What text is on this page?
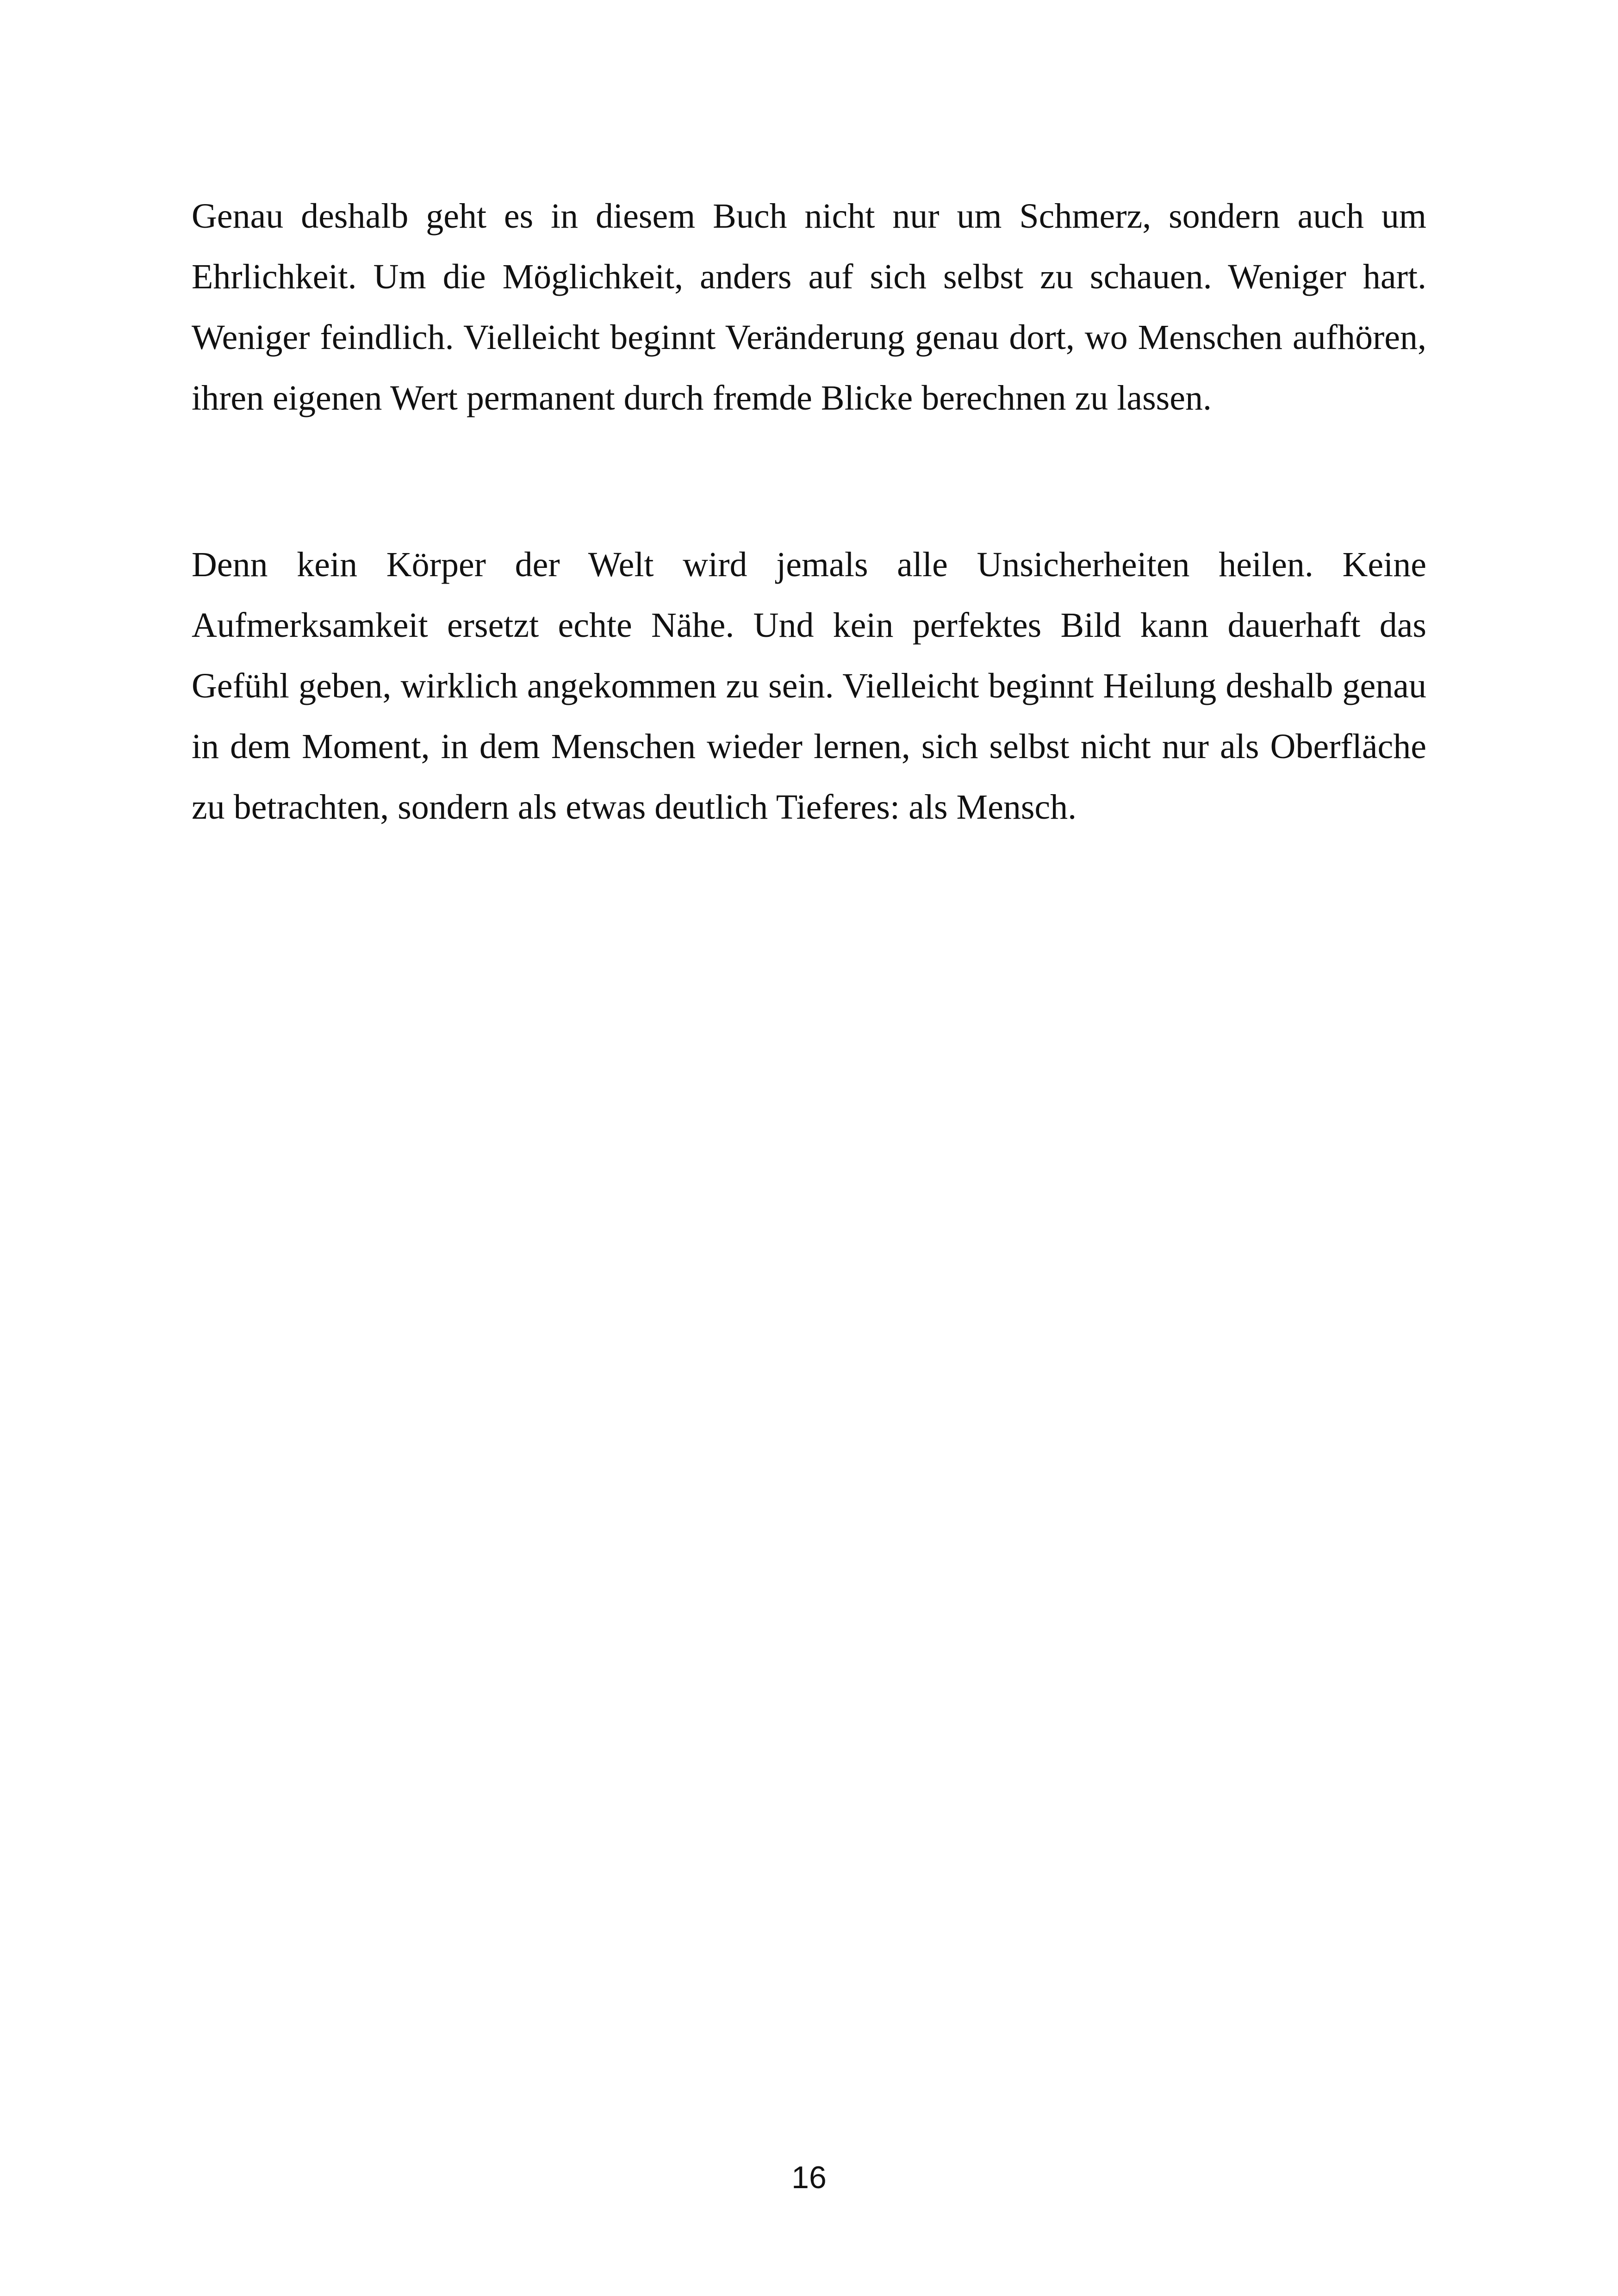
Genau deshalb geht es in diesem Buch nicht nur um Schmerz, sondern auch um Ehrlichkeit. Um die Möglichkeit, anders auf sich selbst zu schauen. Weniger hart. Weniger feindlich. Vielleicht beginnt Veränderung genau dort, wo Menschen aufhören, ihren eigenen Wert permanent durch fremde Blicke berechnen zu lassen.

Denn kein Körper der Welt wird jemals alle Unsicherheiten heilen. Keine Aufmerksamkeit ersetzt echte Nähe. Und kein perfektes Bild kann dauerhaft das Gefühl geben, wirklich angekommen zu sein. Vielleicht beginnt Heilung deshalb genau in dem Moment, in dem Menschen wieder lernen, sich selbst nicht nur als Oberfläche zu betrachten, sondern als etwas deutlich Tieferes: als Mensch.

16
